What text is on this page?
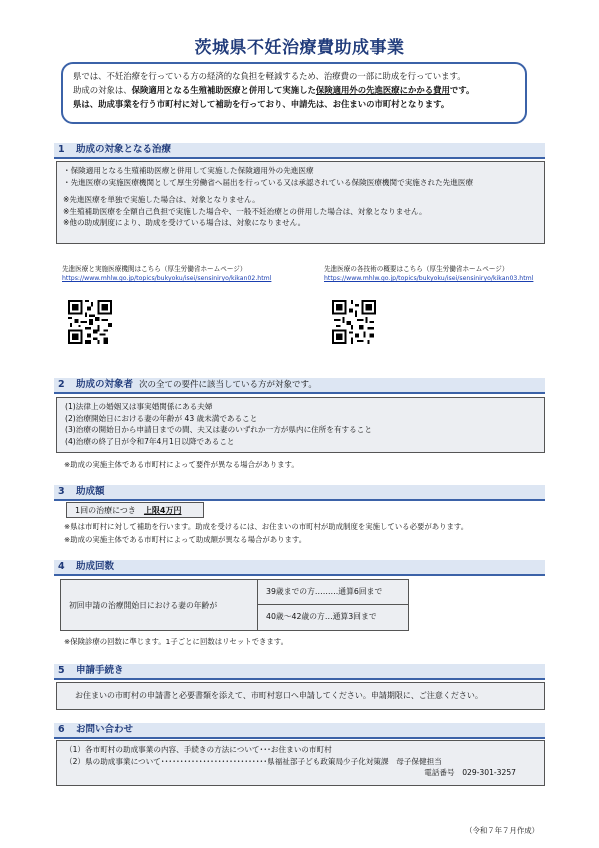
茨城県不妊治療費助成事業
県では、不妊治療を行っている方の経済的な負担を軽減するため、治療費の一部に助成を行っています。
助成の対象は、保険適用となる生殖補助医療と併用して実施した保険適用外の先進医療にかかる費用です。
県は、助成事業を行う市町村に対して補助を行っており、申請先は、お住まいの市町村となります。
1 助成の対象となる治療
・保険適用となる生殖補助医療と併用して実施した保険適用外の先進医療
・先進医療の実施医療機関として厚生労働省へ届出を行っている又は承認されている保険医療機関で実施された先進医療
※先進医療を単独で実施した場合は、対象となりません。
※生殖補助医療を全額自己負担で実施した場合や、一般不妊治療との併用した場合は、対象となりません。
※他の助成制度により、助成を受けている場合は、対象になりません。
先進医療と実施医療機関はこちら（厚生労働省ホームページ）
https://www.mhlw.go.jp/topics/bukyoku/isei/sensiniryo/kikan02.html
先進医療の各技術の概要はこちら（厚生労働省ホームページ）
https://www.mhlw.go.jp/topics/bukyoku/isei/sensiniryo/kikan03.html
2 助成の対象者 次の全ての要件に該当している方が対象です。
(1)法律上の婚姻又は事実婚関係にある夫婦
(2)治療開始日における妻の年齢が 43 歳未満であること
(3)治療の開始日から申請日までの間、夫又は妻のいずれか一方が県内に住所を有すること
(4)治療の終了日が令和7年4月1日以降であること
※助成の実施主体である市町村によって要件が異なる場合があります。
3 助成額
1回の治療につき　 上限4万円
※県は市町村に対して補助を行います。助成を受けるには、お住まいの市町村が助成制度を実施している必要があります。
※助成の実施主体である市町村によって助成額が異なる場合があります。
4 助成回数
初回申請の治療開始日における妻の年齢が
39歳までの方………通算6回まで
40歳～42歳の方…通算3回まで
※保険診療の回数に準じます。1子ごとに回数はリセットできます。
5 申請手続き
お住まいの市町村の申請書と必要書類を添えて、市町村窓口へ申請してください。申請期限に、ご注意ください。
6 お問い合わせ
（1）各市町村の助成事業の内容、手続きの方法について･･･お住まいの市町村
（2）県の助成事業について････････････････････････････県福祉部子ども政策局少子化対策課　母子保健担当
電話番号　029-301-3257
（令和７年７月作成）
